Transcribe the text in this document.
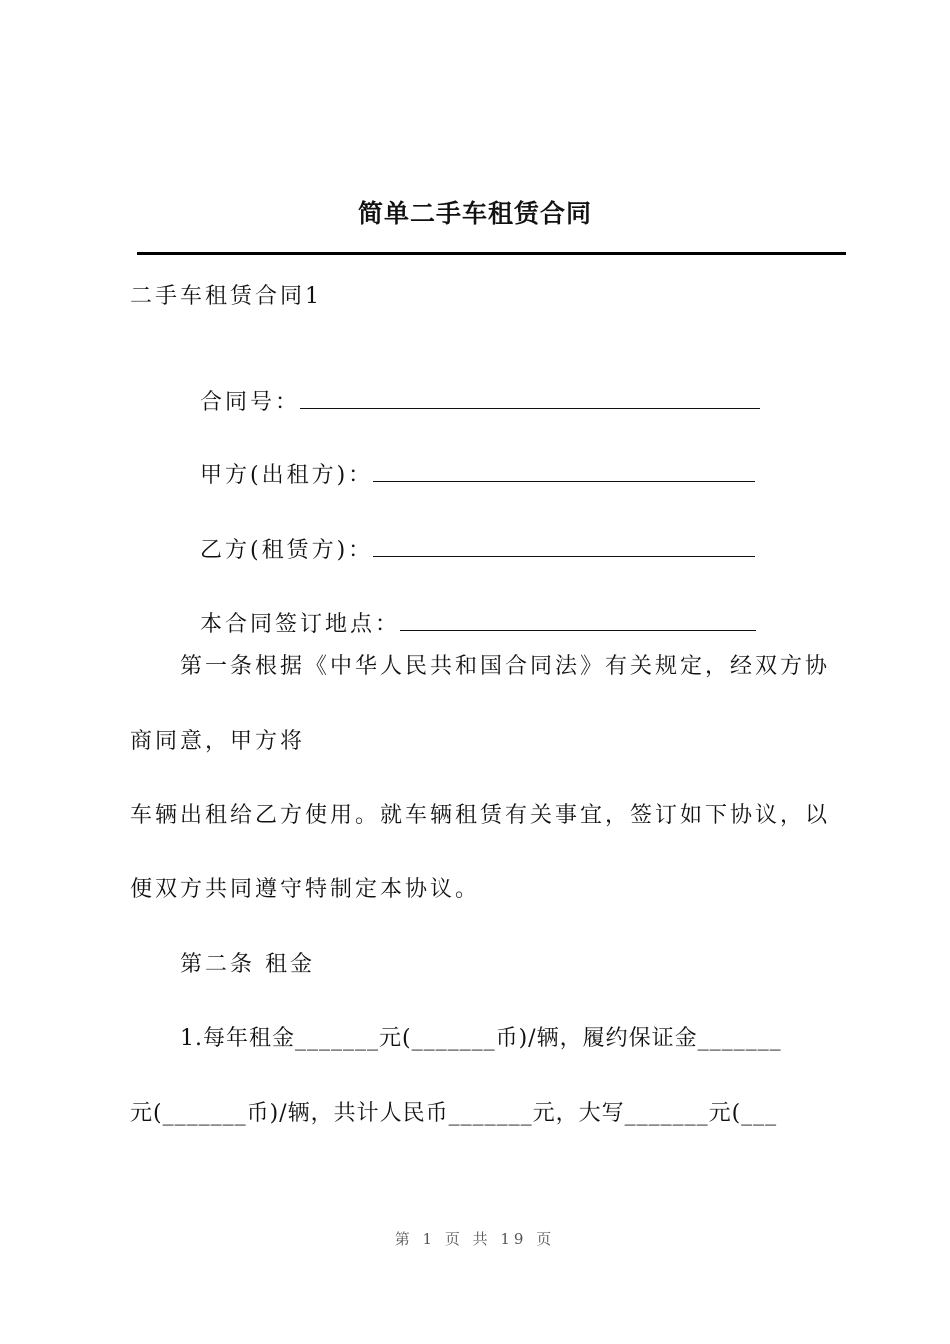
简单二手车租赁合同
二手车租赁合同1

合同号：

甲方(出租方)：

乙方(租赁方)：

本合同签订地点：

第一条根据《中华人民共和国合同法》有关规定，经双方协
商同意，甲方将
车辆出租给乙方使用。就车辆租赁有关事宜，签订如下协议，以
便双方共同遵守特制定本协议。
第二条 租金
1.每年租金_______元(_______币)/辆，履约保证金_______
元(_______币)/辆，共计人民币_______元，大写_______元(___
第 1 页 共 19 页
